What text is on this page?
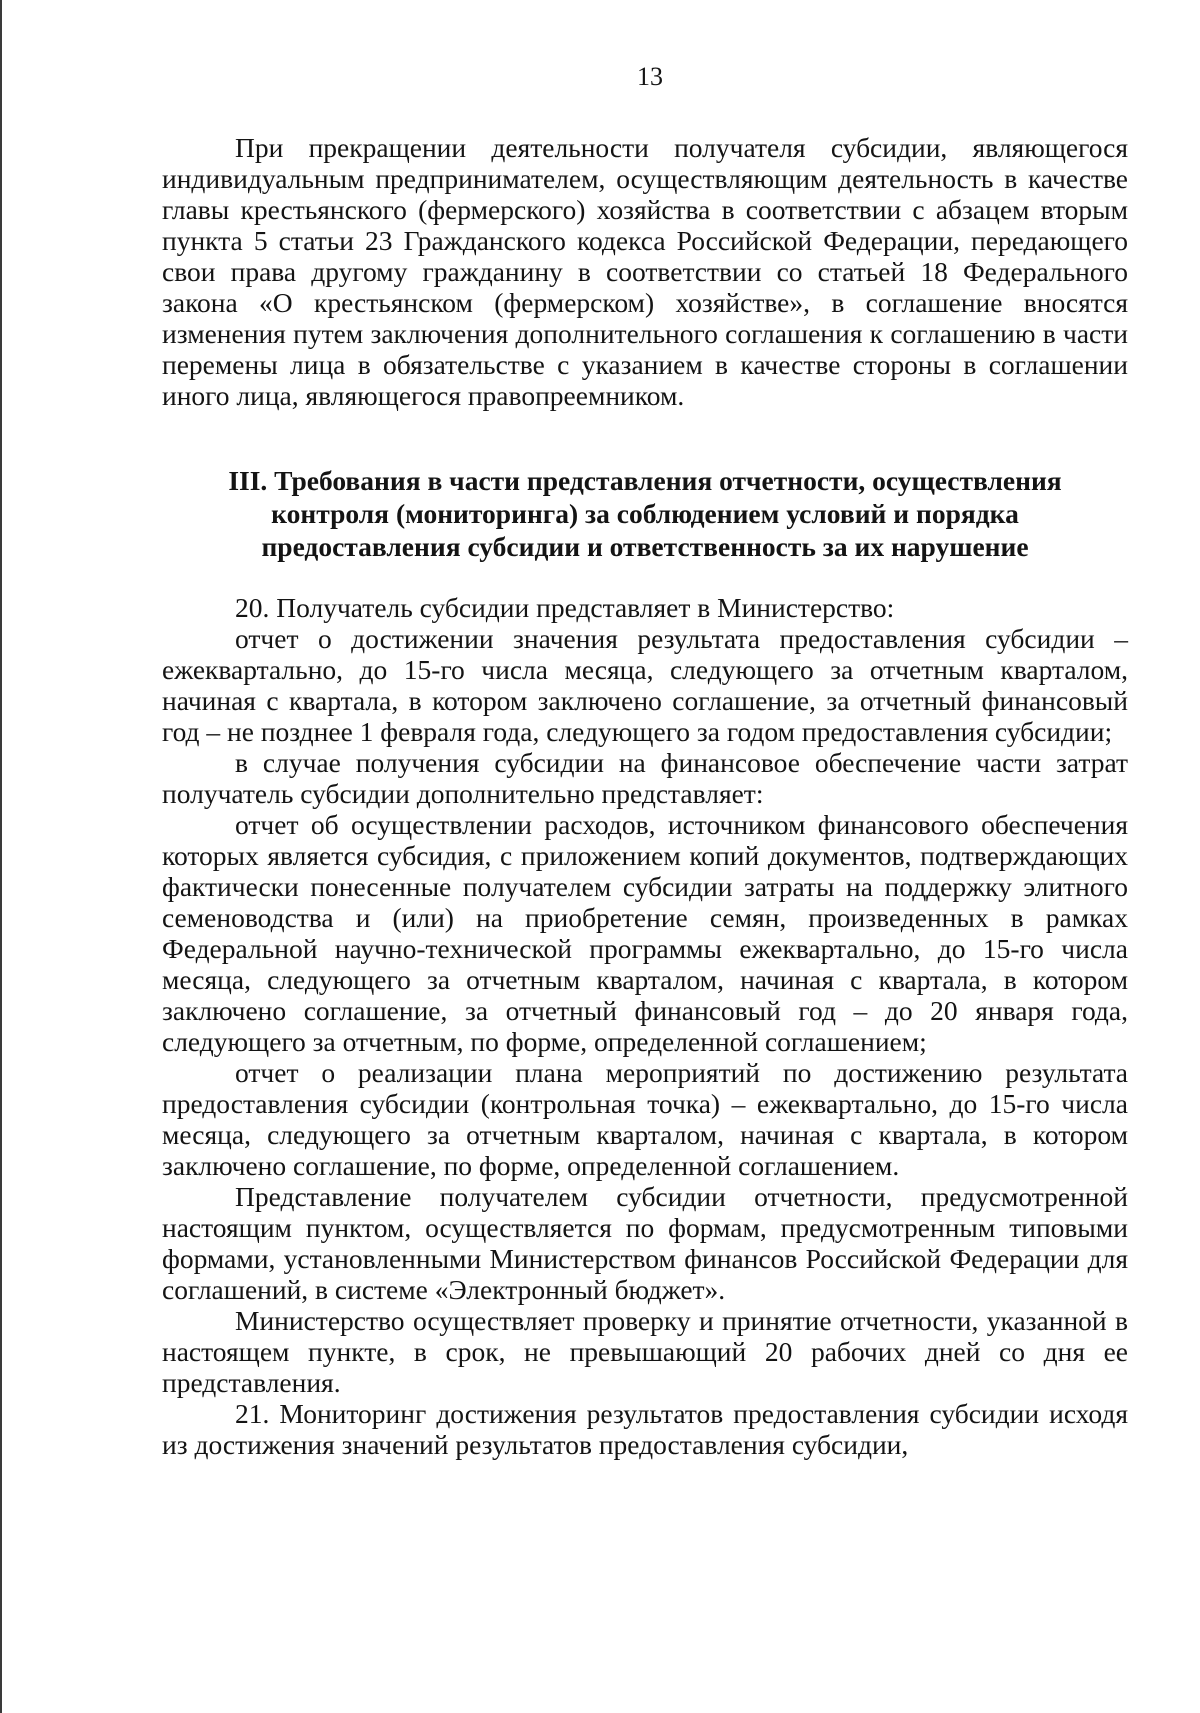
13

При прекращении деятельности получателя субсидии, являющегося индивидуальным предпринимателем, осуществляющим деятельность в качестве главы крестьянского (фермерского) хозяйства в соответствии с абзацем вторым пункта 5 статьи 23 Гражданского кодекса Российской Федерации, передающего свои права другому гражданину в соответствии со статьей 18 Федерального закона «О крестьянском (фермерском) хозяйстве», в соглашение вносятся изменения путем заключения дополнительного соглашения к соглашению в части перемены лица в обязательстве с указанием в качестве стороны в соглашении иного лица, являющегося правопреемником.

III. Требования в части представления отчетности, осуществления
контроля (мониторинга) за соблюдением условий и порядка
предоставления субсидии и ответственность за их нарушение

20. Получатель субсидии представляет в Министерство:

отчет о достижении значения результата предоставления субсидии – ежеквартально, до 15-го числа месяца, следующего за отчетным кварталом, начиная с квартала, в котором заключено соглашение, за отчетный финансовый год – не позднее 1 февраля года, следующего за годом предоставления субсидии;

в случае получения субсидии на финансовое обеспечение части затрат получатель субсидии дополнительно представляет:

отчет об осуществлении расходов, источником финансового обеспечения которых является субсидия, с приложением копий документов, подтверждающих фактически понесенные получателем субсидии затраты на поддержку элитного семеноводства и (или) на приобретение семян, произведенных в рамках Федеральной научно-технической программы ежеквартально, до 15-го числа месяца, следующего за отчетным кварталом, начиная с квартала, в котором заключено соглашение, за отчетный финансовый год – до 20 января года, следующего за отчетным, по форме, определенной соглашением;

отчет о реализации плана мероприятий по достижению результата предоставления субсидии (контрольная точка) – ежеквартально, до 15-го числа месяца, следующего за отчетным кварталом, начиная с квартала, в котором заключено соглашение, по форме, определенной соглашением.

Представление получателем субсидии отчетности, предусмотренной настоящим пунктом, осуществляется по формам, предусмотренным типовыми формами, установленными Министерством финансов Российской Федерации для соглашений, в системе «Электронный бюджет».

Министерство осуществляет проверку и принятие отчетности, указанной в настоящем пункте, в срок, не превышающий 20 рабочих дней со дня ее представления.

21. Мониторинг достижения результатов предоставления субсидии исходя из достижения значений результатов предоставления субсидии,
